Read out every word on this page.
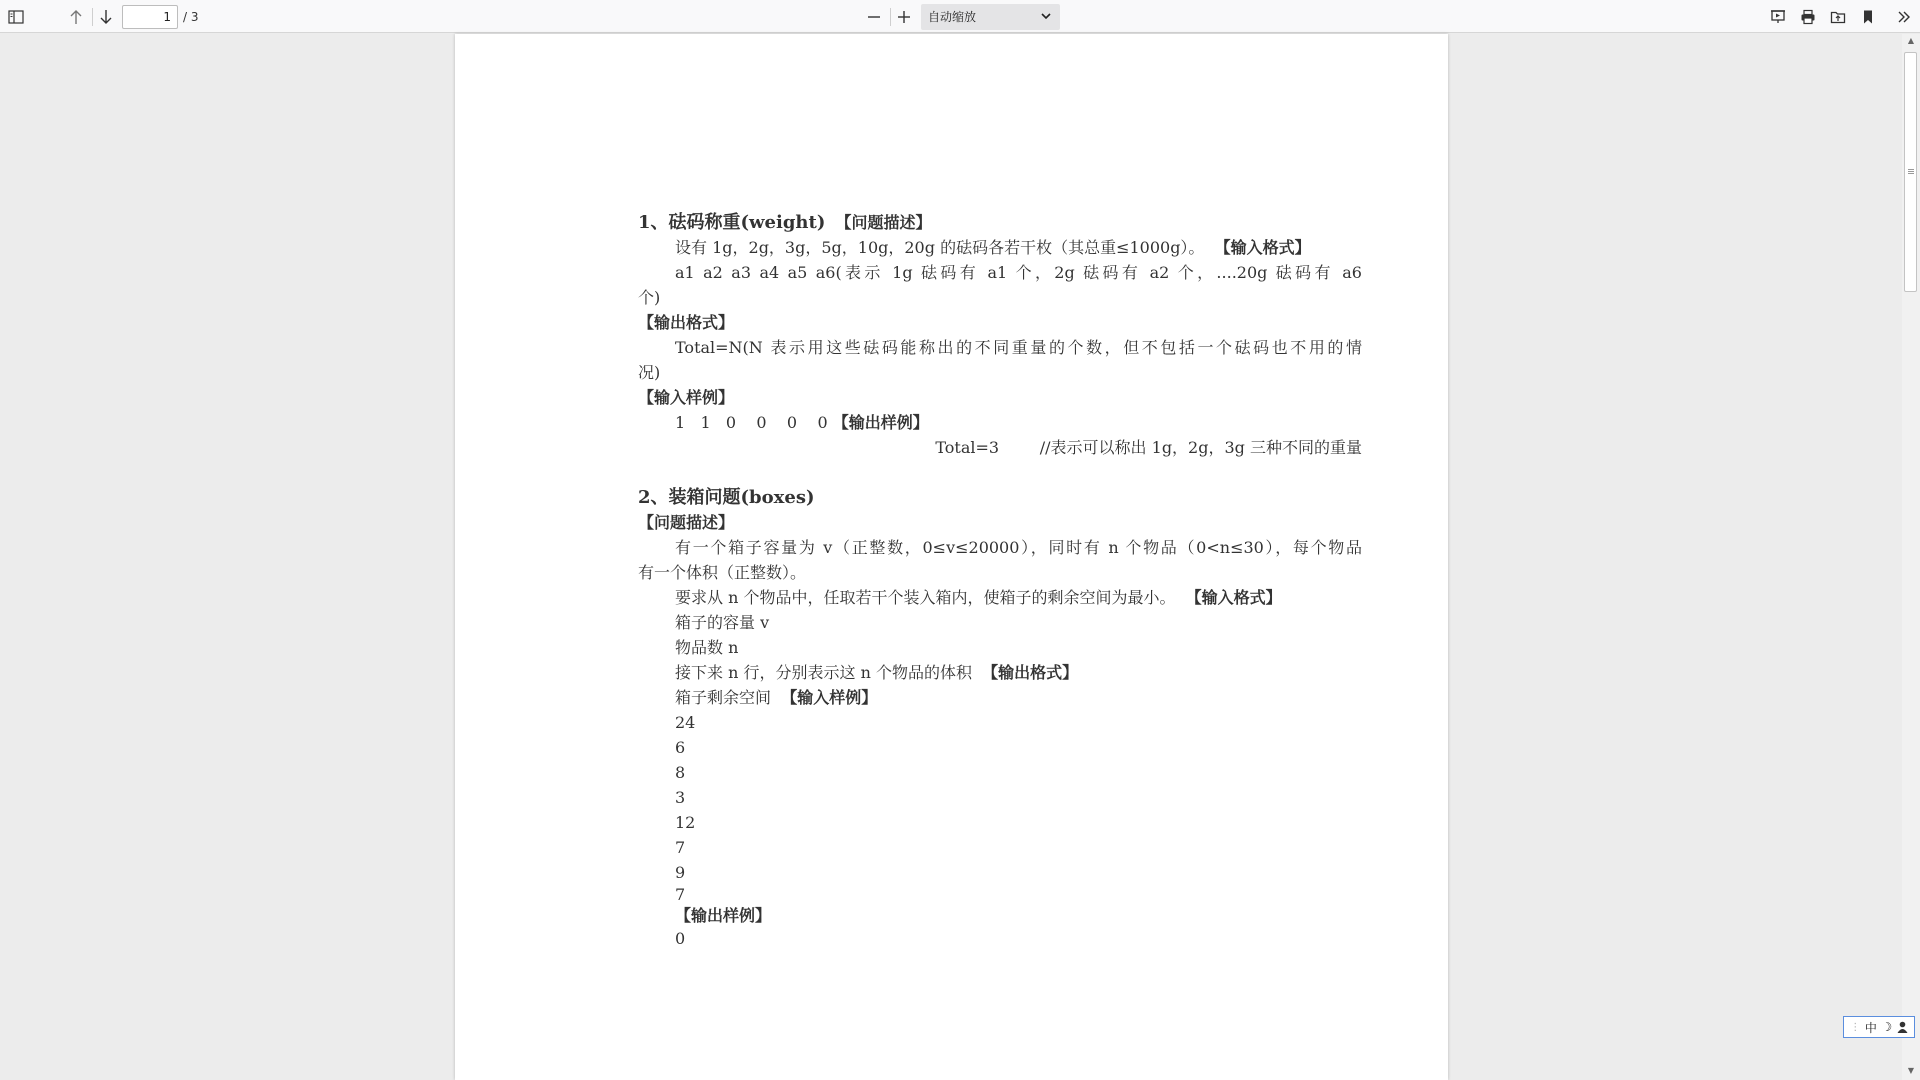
1
/ 3	自动缩放
1、砝码称重(weight) 【问题描述】
设有 1g，2g，3g，5g，10g，20g 的砝码各若干枚（其总重≤1000g）。 【输入格式】
a1 a2 a3 a4 a5 a6(表示 1g 砝码有 a1 个，2g 砝码有 a2 个，....20g 砝码有 a6
个)
【输出格式】
Total=N(N 表示用这些砝码能称出的不同重量的个数，但不包括一个砝码也不用的情
况)
【输入样例】
1   1   0    0    0    0 【输出样例】
Total=3        //表示可以称出 1g，2g，3g 三种不同的重量
2、装箱问题(boxes)
【问题描述】
有一个箱子容量为 v（正整数，0≤v≤20000），同时有 n 个物品（0<n≤30），每个物品
有一个体积（正整数）。
要求从 n 个物品中，任取若干个装入箱内，使箱子的剩余空间为最小。 【输入格式】
箱子的容量 v
物品数 n
接下来 n 行，分别表示这 n 个物品的体积 【输出格式】
箱子剩余空间 【输入样例】
24
6
8
3
12
7
9
7
【输出样例】
0
▲
▼
⋮ 中 ☽
